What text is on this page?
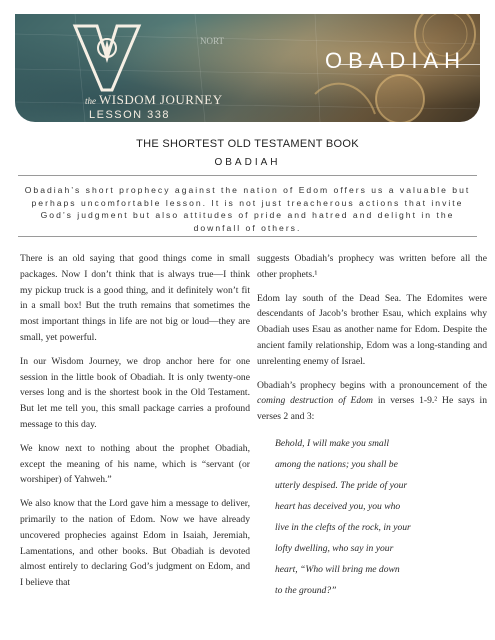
NORT
the WISDOM JOURNEY
LESSON 338
OBADIAH
THE SHORTEST OLD TESTAMENT BOOK
OBADIAH
Obadiah’s short prophecy against the nation of Edom offers us a valuable but perhaps uncomfortable lesson. It is not just treacherous actions that invite God’s judgment but also attitudes of pride and hatred and delight in the downfall of others.

There is an old saying that good things come in small packages. Now I don’t think that is always true—I think my pickup truck is a good thing, and it definitely won’t fit in a small box! But the truth remains that sometimes the most important things in life are not big or loud—they are small, yet powerful.

In our Wisdom Journey, we drop anchor here for one session in the little book of Obadiah. It is only twenty-one verses long and is the shortest book in the Old Testament. But let me tell you, this small package carries a profound message to this day.

We know next to nothing about the prophet Obadiah, except the meaning of his name, which is “servant (or worshiper) of Yahweh.”

We also know that the Lord gave him a message to deliver, primarily to the nation of Edom. Now we have already uncovered prophecies against Edom in Isaiah, Jeremiah, Lamentations, and other books. But Obadiah is devoted almost entirely to declaring God’s judgment on Edom, and I believe that

suggests Obadiah’s prophecy was written before all the other prophets.¹

Edom lay south of the Dead Sea. The Edomites were descendants of Jacob’s brother Esau, which explains why Obadiah uses Esau as another name for Edom. Despite the ancient family relationship, Edom was a long-standing and unrelenting enemy of Israel.

Obadiah’s prophecy begins with a pronouncement of the coming destruction of Edom in verses 1-9.² He says in verses 2 and 3:

Behold, I will make you small
among the nations; you shall be
utterly despised. The pride of your
heart has deceived you, you who
live in the clefts of the rock, in your
lofty dwelling, who say in your
heart, “Who will bring me down
to the ground?”
